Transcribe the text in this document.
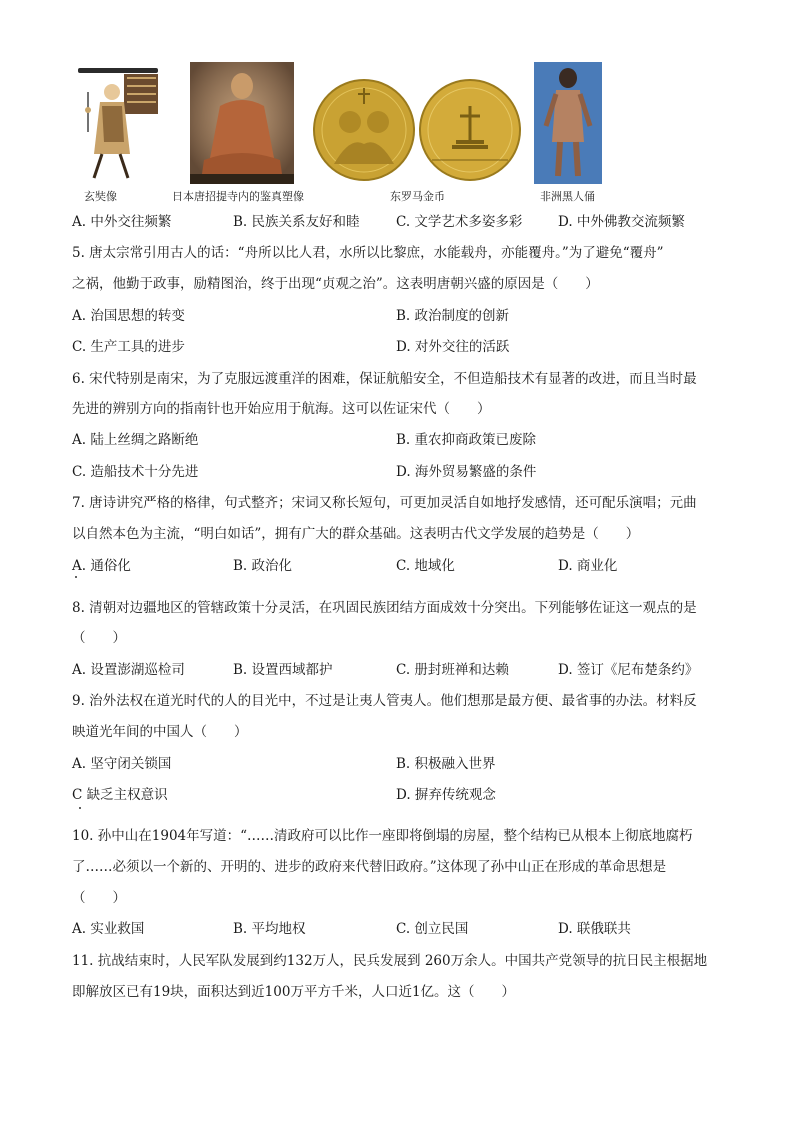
玄奘像	日本唐招提寺内的鉴真塑像	东罗马金币	非洲黑人俑
A. 中外交往频繁	B. 民族关系友好和睦	C. 文学艺术多姿多彩	D. 中外佛教交流频繁
5. 唐太宗常引用古人的话：“舟所以比人君，水所以比黎庶，水能载舟，亦能覆舟。”为了避免“覆舟”
之祸，他勤于政事，励精图治，终于出现“贞观之治”。这表明唐朝兴盛的原因是（　　）
A. 治国思想的转变	B. 政治制度的创新
C. 生产工具的进步	D. 对外交往的活跃
6. 宋代特别是南宋，为了克服远渡重洋的困难，保证航船安全，不但造船技术有显著的改进，而且当时最
先进的辨别方向的指南针也开始应用于航海。这可以佐证宋代（　　）
A. 陆上丝绸之路断绝	B. 重农抑商政策已废除
C. 造船技术十分先进	D. 海外贸易繁盛的条件
7. 唐诗讲究严格的格律，句式整齐；宋词又称长短句，可更加灵活自如地抒发感情，还可配乐演唱；元曲
以自然本色为主流，“明白如话”，拥有广大的群众基础。这表明古代文学发展的趋势是（　　）
A. 通俗化	B. 政治化	C. 地域化	D. 商业化
8. 清朝对边疆地区的管辖政策十分灵活，在巩固民族团结方面成效十分突出。下列能够佐证这一观点的是
（　　）
A. 设置澎湖巡检司	B. 设置西域都护	C. 册封班禅和达赖	D. 签订《尼布楚条约》
9. 治外法权在道光时代的人的目光中，不过是让夷人管夷人。他们想那是最方便、最省事的办法。材料反
映道光年间的中国人（　　）
A. 坚守闭关锁国	B. 积极融入世界
C 缺乏主权意识	D. 摒弃传统观念
10. 孙中山在1904年写道：“……清政府可以比作一座即将倒塌的房屋，整个结构已从根本上彻底地腐朽
了……必须以一个新的、开明的、进步的政府来代替旧政府。”这体现了孙中山正在形成的革命思想是
（　　）
A. 实业救国	B. 平均地权	C. 创立民国	D. 联俄联共
11. 抗战结束时，人民军队发展到约132万人，民兵发展到 260万余人。中国共产党领导的抗日民主根据地
即解放区已有19块，面积达到近100万平方千米，人口近1亿。这（　　）
